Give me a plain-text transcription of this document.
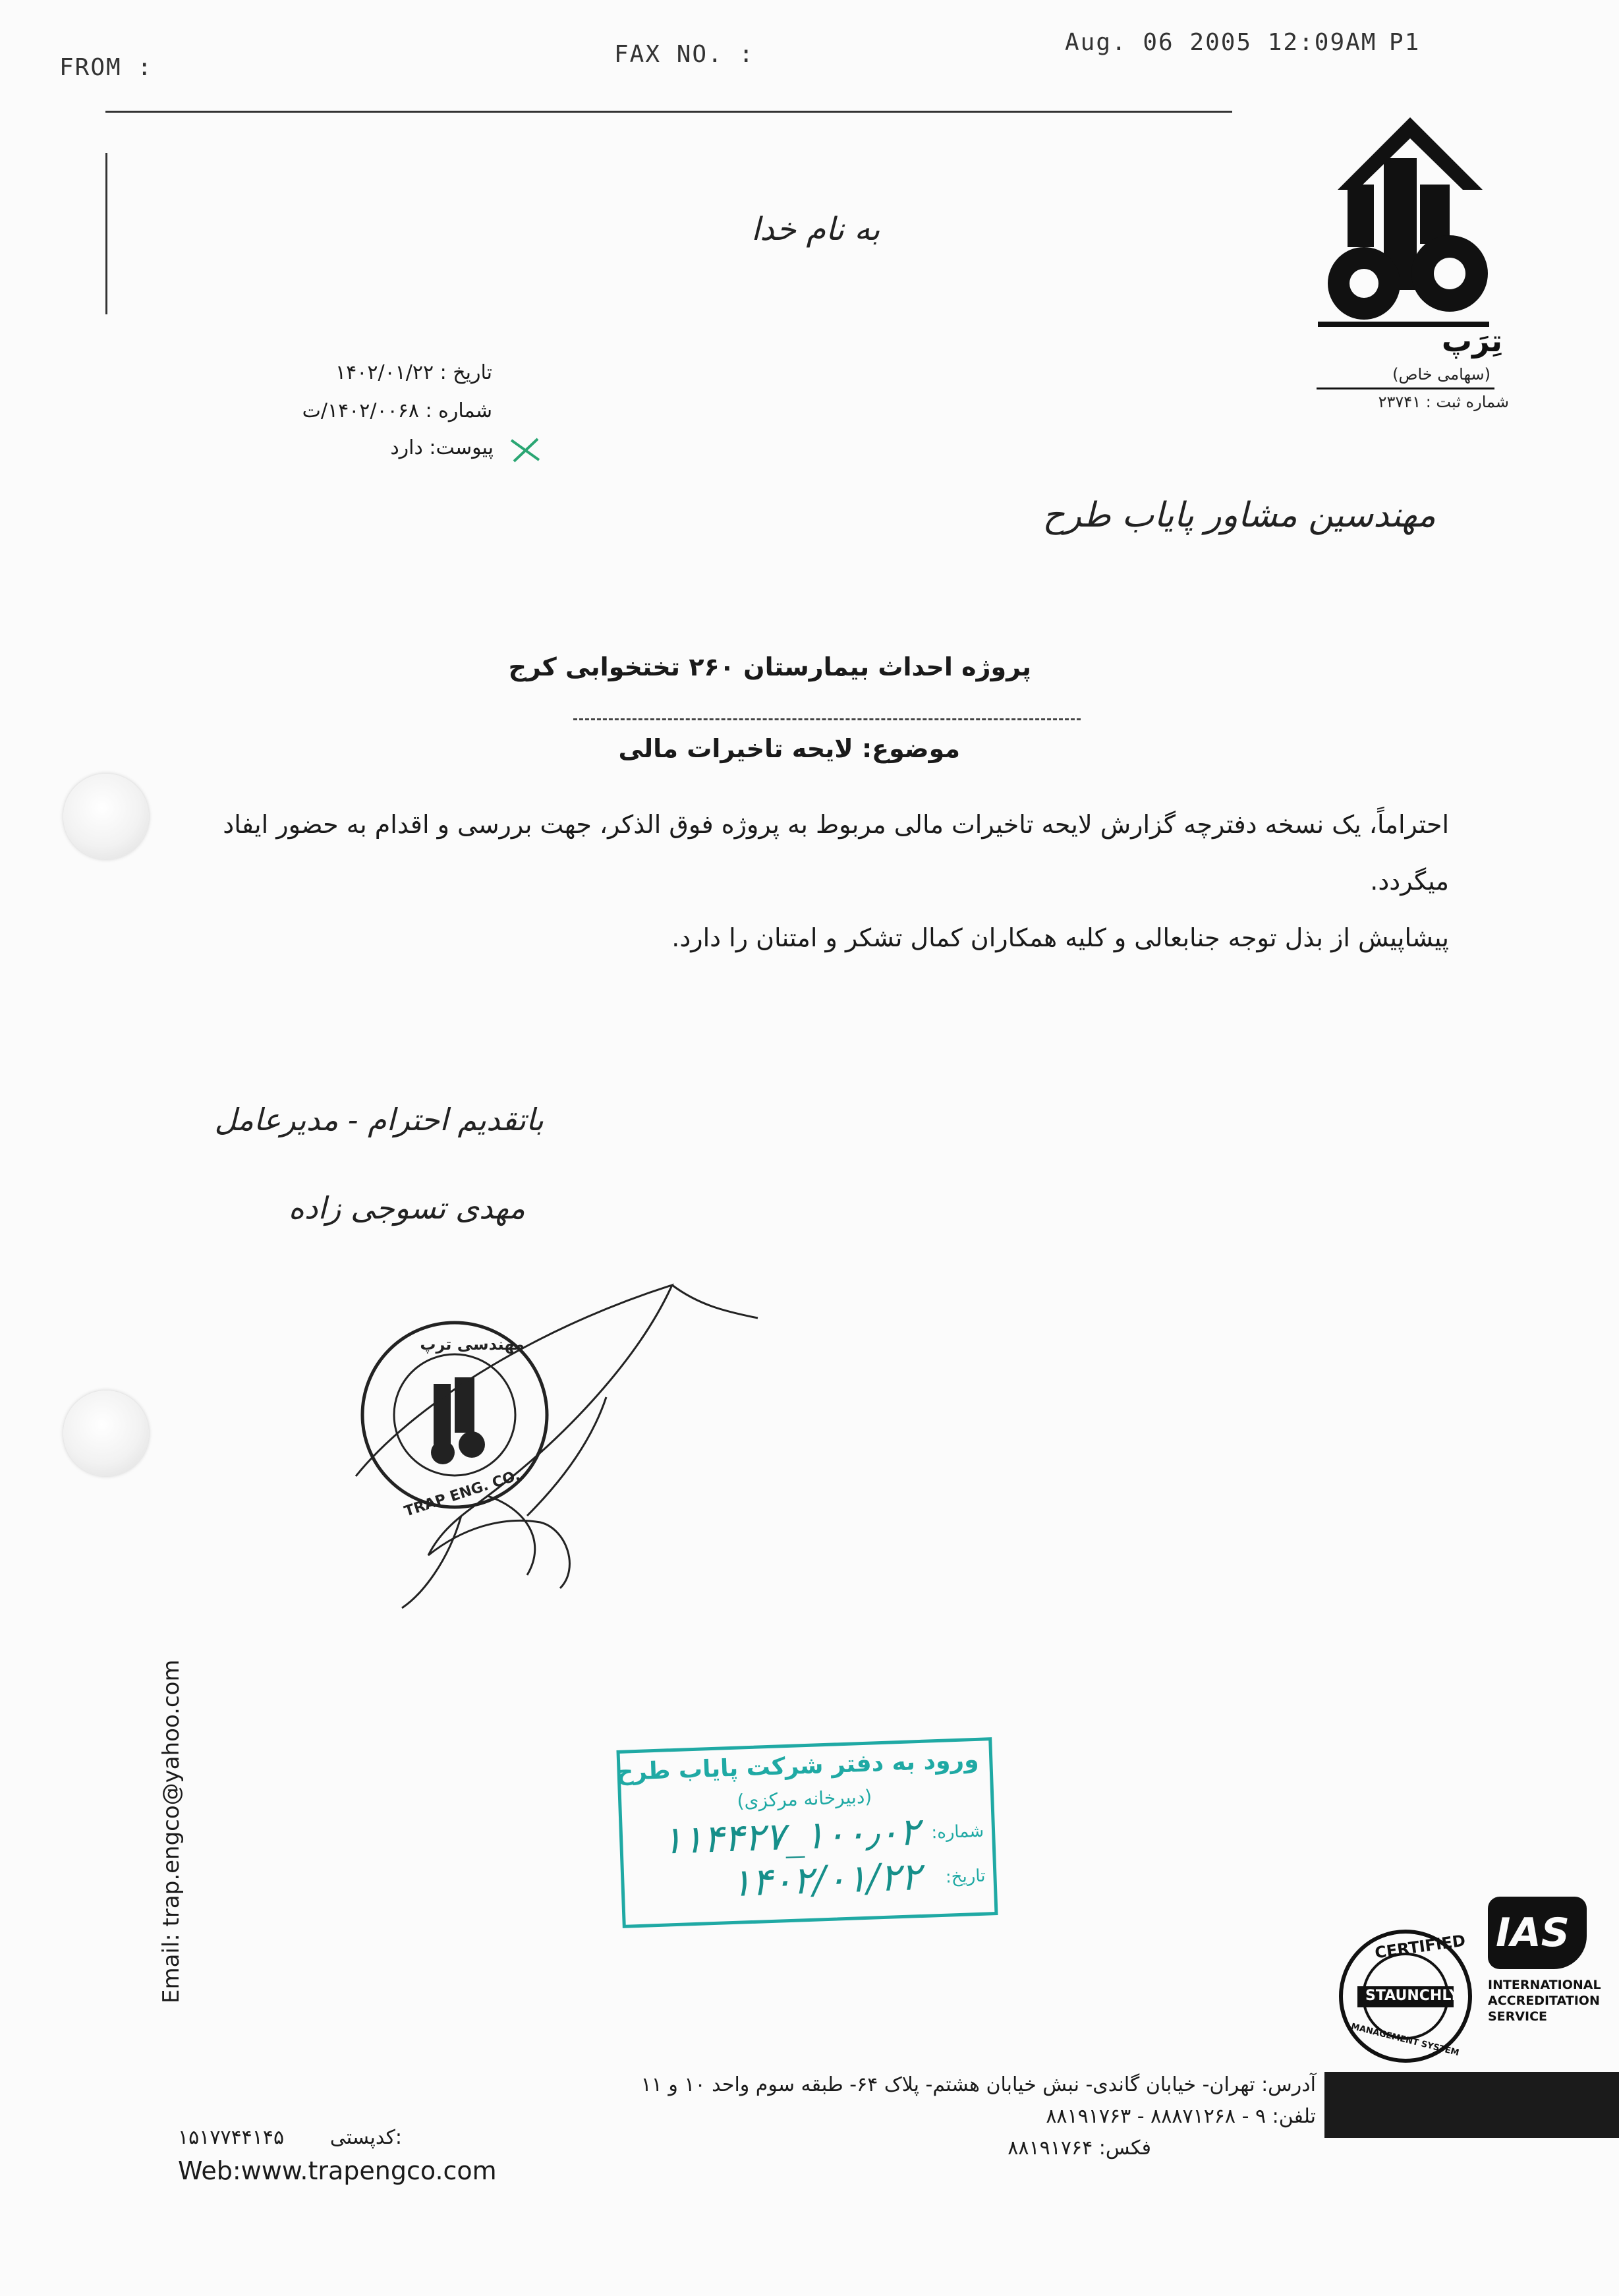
FROM :	FAX NO. :	Aug. 06 2005 12:09AM P1
تِرَپ
(سهامی خاص)
شماره ثبت : ۲۳۷۴۱
به نام خدا
تاریخ : ۱۴۰۲/۰۱/۲۲
شماره : ۱۴۰۲/۰۰۶۸/ت
پیوست: دارد
مهندسین مشاور پایاب طرح
پروژه احداث بیمارستان ۲۶۰ تختخوابی کرج
موضوع: لایحه تاخیرات مالی
احتراماً، یک نسخه دفترچه گزارش لایحه تاخیرات مالی مربوط به پروژه فوق الذکر، جهت بررسی و اقدام به حضور ایفاد میگردد.
پیشاپیش از بذل توجه جنابعالی و کلیه همکاران کمال تشکر و امتنان را دارد.
باتقدیم احترام - مدیرعامل
مهدی تسوجی زاده
مهندسی ترپ
TRAP ENG. CO.
ورود به دفتر شرکت پایاب طرح
(دبیرخانه مرکزی)
شماره:
۱۰۰٫۰۲_۱۱۴۴۲۷
تاریخ:
۱۴۰۲/۰۱/۲۲
CERTIFIED
STAUNCHLY
MANAGEMENT SYSTEM
IAS
INTERNATIONAL
ACCREDITATION
SERVICE
Email: trap.engco@yahoo.com
آدرس: تهران- خیابان گاندی- نبش خیابان هشتم- پلاک ۶۴- طبقه سوم واحد ۱۰ و ۱۱
تلفن: ۹ - ۸۸۸۷۱۲۶۸ - ۸۸۱۹۱۷۶۳
فکس: ۸۸۱۹۱۷۶۴
۱۵۱۷۷۴۴۱۴۵ کدپستی:
Web:www.trapengco.com
